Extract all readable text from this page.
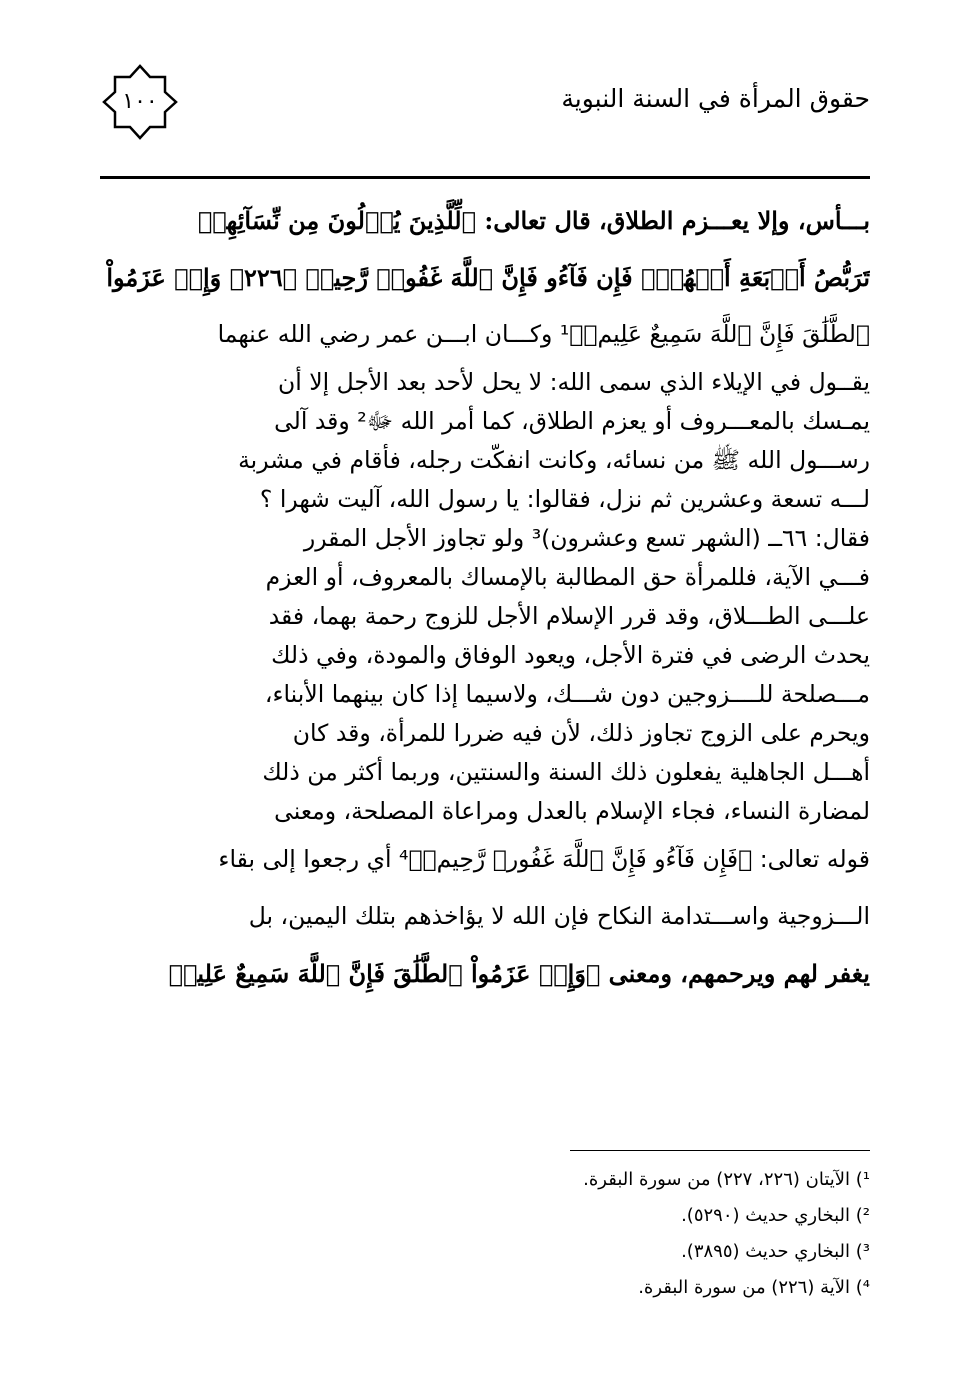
حقوق المرأة في السنة النبوية
١٠٠
بـــأس، وإلا يعـــزم الطلاق، قال تعالى: ﴿لِّلَّذِينَ يُؤۡلُونَ مِن نِّسَآئِهِمۡ
تَرَبُّصُ أَرۡبَعَةِ أَشۡهُرٖۖ فَإِن فَآءُو فَإِنَّ ٱللَّهَ غَفُورٞ رَّحِيمٞ ﴿٢٢٦﴾ وَإِنۡ عَزَمُواْ
ٱلطَّلَٰقَ فَإِنَّ ٱللَّهَ سَمِيعٌ عَلِيمٞ﴾¹ وكـــان ابـــن عمر رضي الله عنهما
يقــول في الإيلاء الذي سمى الله: لا يحل لأحد بعد الأجل إلا أن
يمـسك بالمعـــروف أو يعزم الطلاق، كما أمر الله ﷻ² وقد آلى
رســـول الله ﷺ من نسائه، وكانت انفكّت رجله، فأقام في مشربة
لـــه تسعة وعشرين ثم نزل، فقالوا: يا رسول الله، آليت شهرا ؟
فقال: ٦٦ــ (الشهر تسع وعشرون)³ ولو تجاوز الأجل المقرر
فـــي الآية، فللمرأة حق المطالبة بالإمساك بالمعروف، أو العزم
علـــى الطـــلاق، وقد قرر الإسلام الأجل للزوج رحمة بهما، فقد
يحدث الرضى في فترة الأجل، ويعود الوفاق والمودة، وفي ذلك
مـــصلحة للــــزوجين دون شـــك، ولاسيما إذا كان بينهما الأبناء،
ويحرم على الزوج تجاوز ذلك، لأن فيه ضررا للمرأة، وقد كان
أهـــل الجاهلية يفعلون ذلك السنة والسنتين، وربما أكثر من ذلك
لمضارة النساء، فجاء الإسلام بالعدل ومراعاة المصلحة، ومعنى
قوله تعالى: ﴿فَإِن فَآءُو فَإِنَّ ٱللَّهَ غَفُورٞ رَّحِيمٞ﴾⁴ أي رجعوا إلى بقاء
الـــزوجية واســـتدامة النكاح فإن الله لا يؤاخذهم بتلك اليمين، بل
يغفر لهم ويرحمهم، ومعنى ﴿وَإِنۡ عَزَمُواْ ٱلطَّلَٰقَ فَإِنَّ ٱللَّهَ سَمِيعٌ عَلِيمٞ
¹) الآيتان (٢٢٦، ٢٢٧) من سورة البقرة.
²) البخاري حديث (٥٢٩٠).
³) البخاري حديث (٣٨٩٥).
⁴) الآية (٢٢٦) من سورة البقرة.
